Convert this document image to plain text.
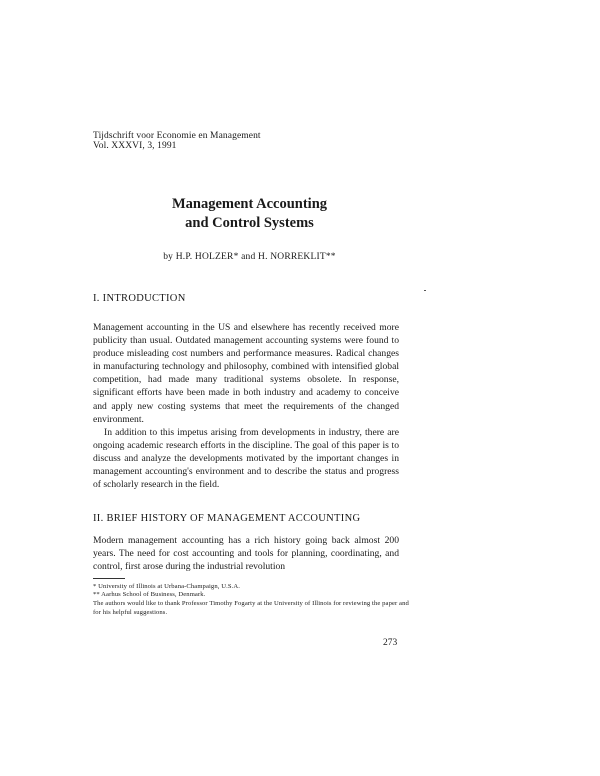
Tijdschrift voor Economie en Management
Vol. XXXVI, 3, 1991
Management Accounting
and Control Systems
by H.P. HOLZER* and H. NORREKLIT**
I. INTRODUCTION

Management accounting in the US and elsewhere has recently received more publicity than usual. Outdated management accounting systems were found to produce misleading cost numbers and performance measures. Radical changes in manufacturing technology and philosophy, combined with intensified global competition, had made many traditional systems obsolete. In response, significant efforts have been made in both industry and academy to conceive and apply new costing systems that meet the requirements of the changed environment.

In addition to this impetus arising from developments in industry, there are ongoing academic research efforts in the discipline. The goal of this paper is to discuss and analyze the developments motivated by the important changes in management accounting's environment and to describe the status and progress of scholarly research in the field.

II. BRIEF HISTORY OF MANAGEMENT ACCOUNTING

Modern management accounting has a rich history going back almost 200 years. The need for cost accounting and tools for planning, coordinating, and control, first arose during the industrial revolution

* University of Illinois at Urbana-Champaign, U.S.A.
** Aarhus School of Business, Denmark.
The authors would like to thank Professor Timothy Fogarty at the University of Illinois for reviewing the paper and for his helpful suggestions.
273
